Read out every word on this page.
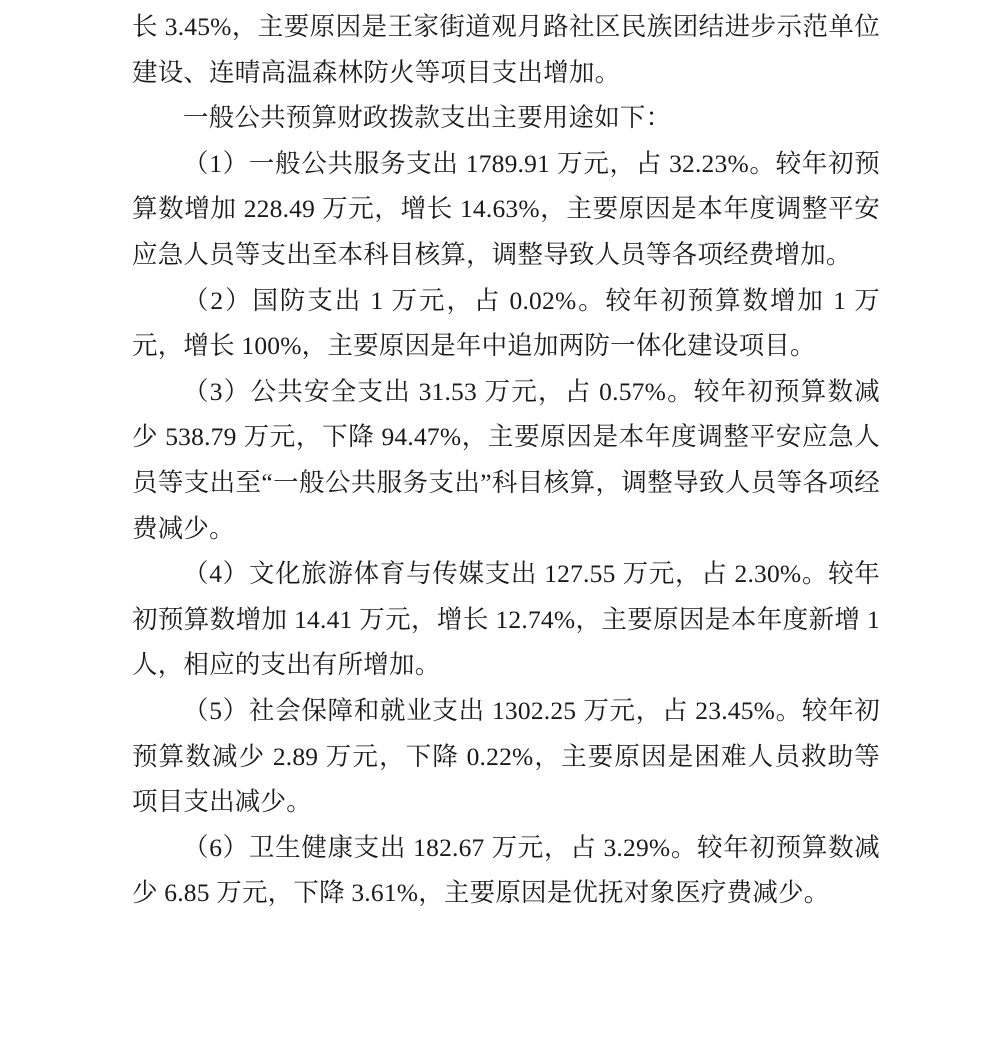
长 3.45%，主要原因是王家街道观月路社区民族团结进步示范单位建设、连晴高温森林防火等项目支出增加。

一般公共预算财政拨款支出主要用途如下：

（1）一般公共服务支出 1789.91 万元，占 32.23%。较年初预算数增加 228.49 万元，增长 14.63%，主要原因是本年度调整平安应急人员等支出至本科目核算，调整导致人员等各项经费增加。

（2）国防支出 1 万元，占 0.02%。较年初预算数增加 1 万元，增长 100%，主要原因是年中追加两防一体化建设项目。

（3）公共安全支出 31.53 万元，占 0.57%。较年初预算数减少 538.79 万元，下降 94.47%，主要原因是本年度调整平安应急人员等支出至“一般公共服务支出”科目核算，调整导致人员等各项经费减少。

（4）文化旅游体育与传媒支出 127.55 万元，占 2.30%。较年初预算数增加 14.41 万元，增长 12.74%，主要原因是本年度新增 1 人，相应的支出有所增加。

（5）社会保障和就业支出 1302.25 万元，占 23.45%。较年初预算数减少 2.89 万元，下降 0.22%，主要原因是困难人员救助等项目支出减少。

（6）卫生健康支出 182.67 万元，占 3.29%。较年初预算数减少 6.85 万元，下降 3.61%，主要原因是优抚对象医疗费减少。
